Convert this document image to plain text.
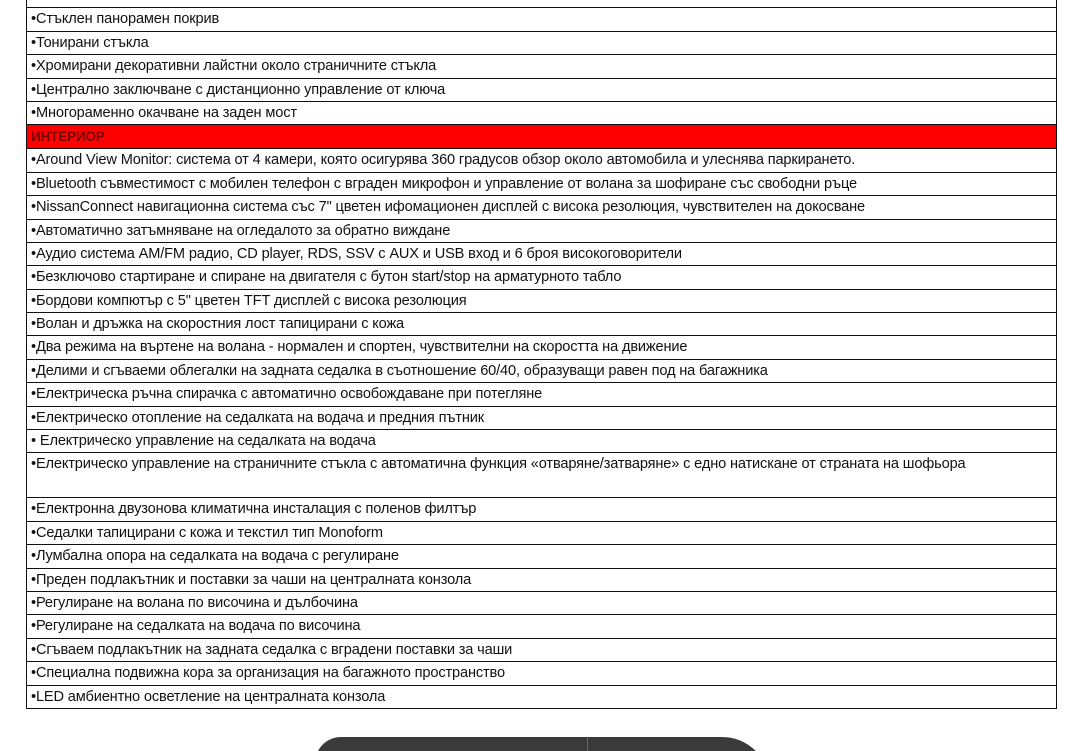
•Стъклен панорамен покрив
•Тонирани стъкла
•Хромирани декоративни лайстни около страничните стъкла
•Централно заключване с дистанционно управление от ключа
•Многораменно окачване на заден мост
ИНТЕРИОР
•Around View Monitor: система от 4 камери, която осигурява 360 градусов обзор около автомобила и улеснява паркирането.
•Bluetooth съвместимост с мобилен телефон с вграден микрофон и управление от волана за шофиране със свободни ръце
•NissanConnect навигационна система със 7" цветен ифомационен дисплей с висока резолюция, чувствителен на докосване
•Автоматично затъмняване на огледалото за обратно виждане
•Аудио система AM/FM радио, CD player, RDS, SSV с AUX и USB вход и 6 броя високоговорители
•Безключово стартиране и спиране на двигателя с бутон start/stop на арматурното табло
•Бордови компютър с 5" цветен TFT дисплей с висока резолюция
•Волан и дръжка на скоростния лост тапицирани с кожа
•Два режима на въртене на волана - нормален и спортен, чувствителни на скоростта на движение
•Делими и сгъваеми облегалки на задната седалка в съотношение 60/40, образуващи равен под на багажника
•Електрическа ръчна спирачка с автоматично освобождаване при потегляне
•Електрическо отопление на седалката на водача и предния пътник
• Електрическо управление на седалката на водача
•Електрическо управление на страничните стъкла с автоматична функция «отваряне/затваряне» с едно натискане от страната на шофьора
•Електронна двузонова климатична инсталация с поленов филтър
•Седалки тапицирани с кожа и текстил тип Monoform
•Лумбална опора на седалката на водача с регулиране
•Преден подлакътник и поставки за чаши на централната конзола
•Регулиране на волана по височина и дълбочина
•Регулиране на седалката на водача по височина
•Сгъваем подлакътник на задната седалка с вградени поставки за чаши
•Специална подвижна кора за организация на багажното пространство
•LED амбиентно осветление на централната конзола
